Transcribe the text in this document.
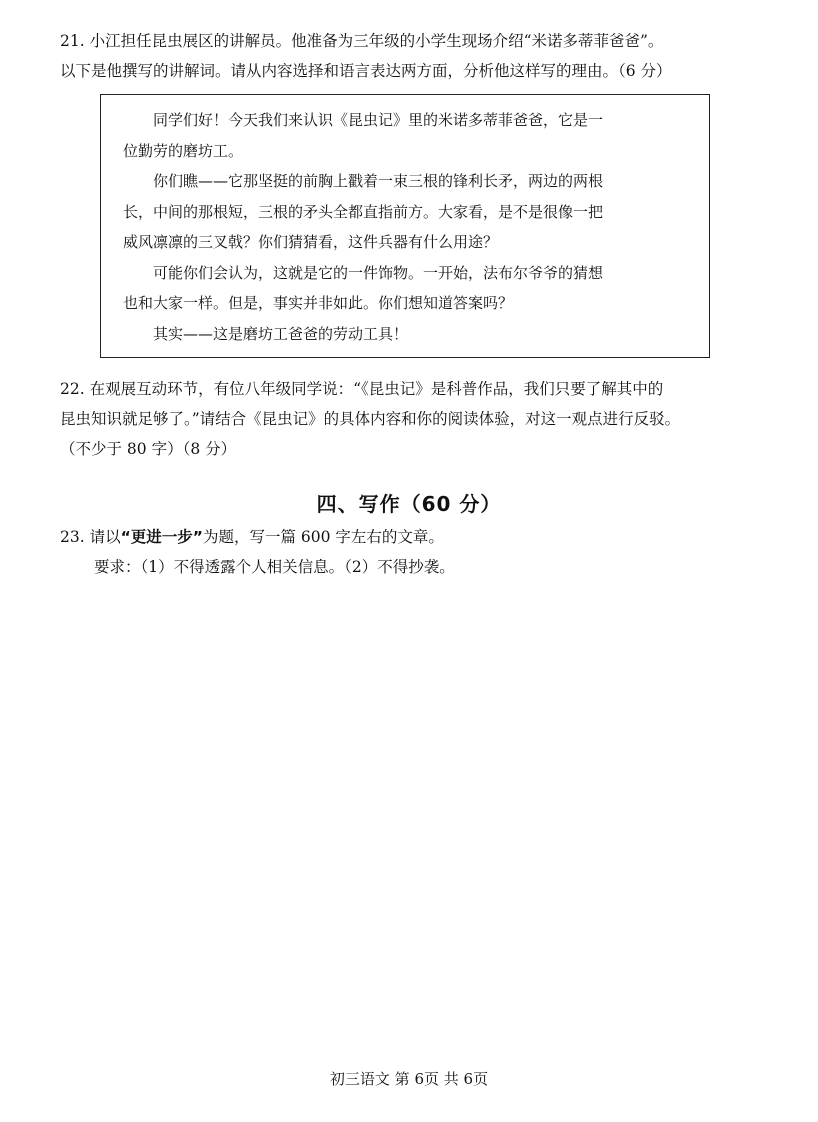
21. 小江担任昆虫展区的讲解员。他准备为三年级的小学生现场介绍“米诺多蒂菲爸爸”。
以下是他撰写的讲解词。请从内容选择和语言表达两方面，分析他这样写的理由。（6 分）
同学们好！今天我们来认识《昆虫记》里的米诺多蒂菲爸爸，它是一
位勤劳的磨坊工。
你们瞧——它那坚挺的前胸上戳着一束三根的锋利长矛，两边的两根
长，中间的那根短，三根的矛头全都直指前方。大家看，是不是很像一把
威风凛凛的三叉戟？你们猜猜看，这件兵器有什么用途？
可能你们会认为，这就是它的一件饰物。一开始，法布尔爷爷的猜想
也和大家一样。但是，事实并非如此。你们想知道答案吗？
其实——这是磨坊工爸爸的劳动工具！
22. 在观展互动环节，有位八年级同学说：“《昆虫记》是科普作品，我们只要了解其中的
昆虫知识就足够了。”请结合《昆虫记》的具体内容和你的阅读体验，对这一观点进行反驳。
（不少于 80 字）（8 分）
四、写作（60 分）
23. 请以“更进一步”为题，写一篇 600 字左右的文章。
要求：（1）不得透露个人相关信息。（2）不得抄袭。
初三语文 第 6页 共 6页
